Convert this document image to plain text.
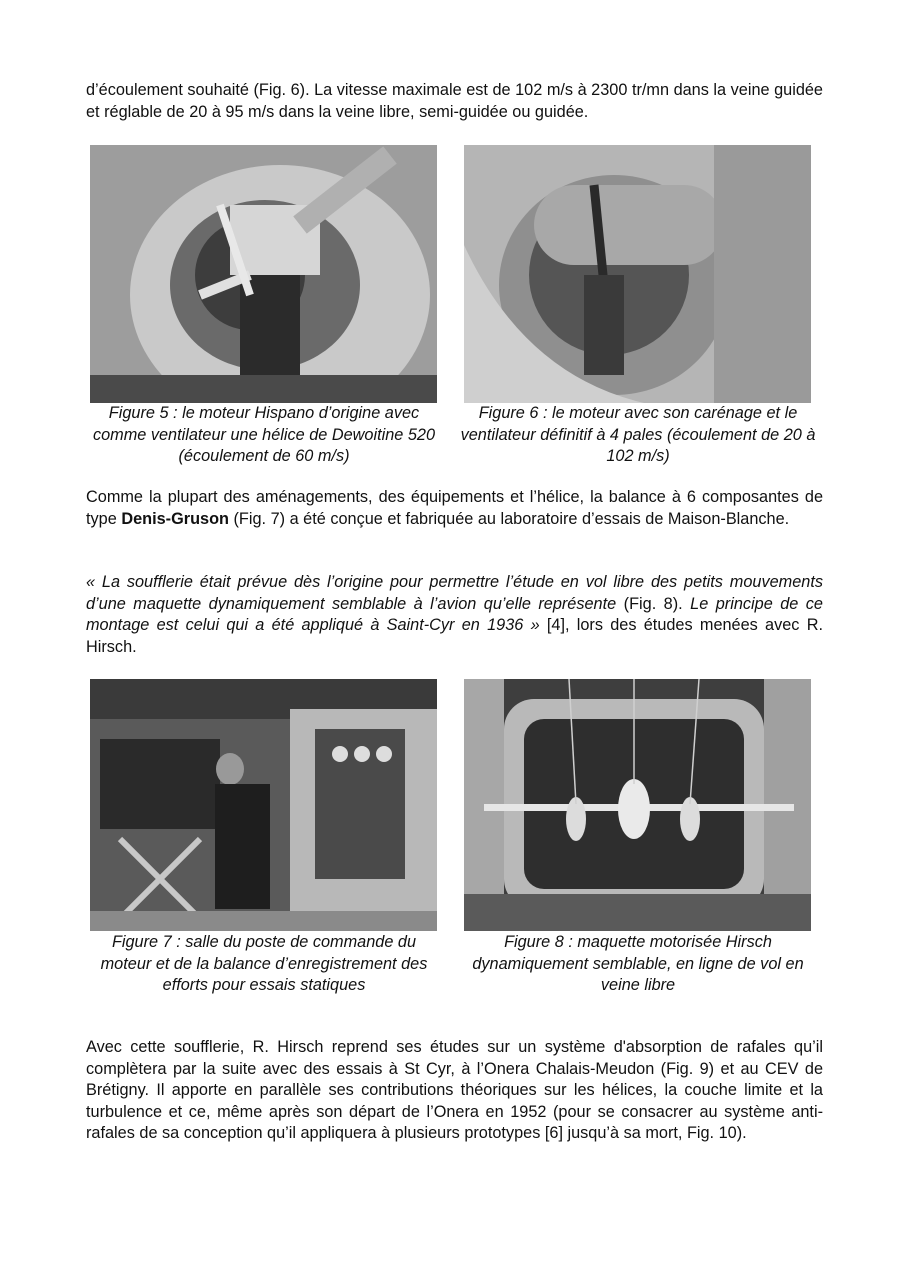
d’écoulement souhaité (Fig. 6). La vitesse maximale est de 102 m/s à 2300 tr/mn dans la veine guidée et réglable de 20 à 95 m/s dans la veine libre, semi-guidée ou guidée.

Figure 5 : le moteur Hispano d’origine avec comme ventilateur une hélice de Dewoitine 520 (écoulement de 60 m/s)

Figure 6 : le moteur avec son carénage et le ventilateur définitif à 4 pales (écoulement de 20 à 102 m/s)

Comme la plupart des aménagements, des équipements et l’hélice, la balance à 6 composantes de type Denis-Gruson (Fig. 7) a été conçue et fabriquée au laboratoire d’essais de Maison-Blanche.

« La soufflerie était prévue dès l’origine pour permettre l’étude en vol libre des petits mouvements d’une maquette dynamiquement semblable à l’avion qu’elle représente (Fig. 8). Le principe de ce montage est celui qui a été appliqué à Saint-Cyr en 1936 » [4], lors des études menées avec R. Hirsch.

Figure 7 : salle du poste de commande du moteur et de la balance d’enregistrement des efforts pour essais statiques

Figure 8 : maquette motorisée Hirsch dynamiquement semblable, en ligne de vol en veine libre

Avec cette soufflerie, R. Hirsch reprend ses études sur un système d'absorption de rafales qu’il complètera par la suite avec des essais à St Cyr, à l’Onera Chalais-Meudon (Fig. 9) et au CEV de Brétigny. Il apporte en parallèle ses contributions théoriques sur les hélices, la couche limite et la turbulence et ce, même après son départ de l’Onera en 1952 (pour se consacrer au système anti-rafales de sa conception qu’il appliquera à plusieurs prototypes [6] jusqu’à sa mort, Fig. 10).
